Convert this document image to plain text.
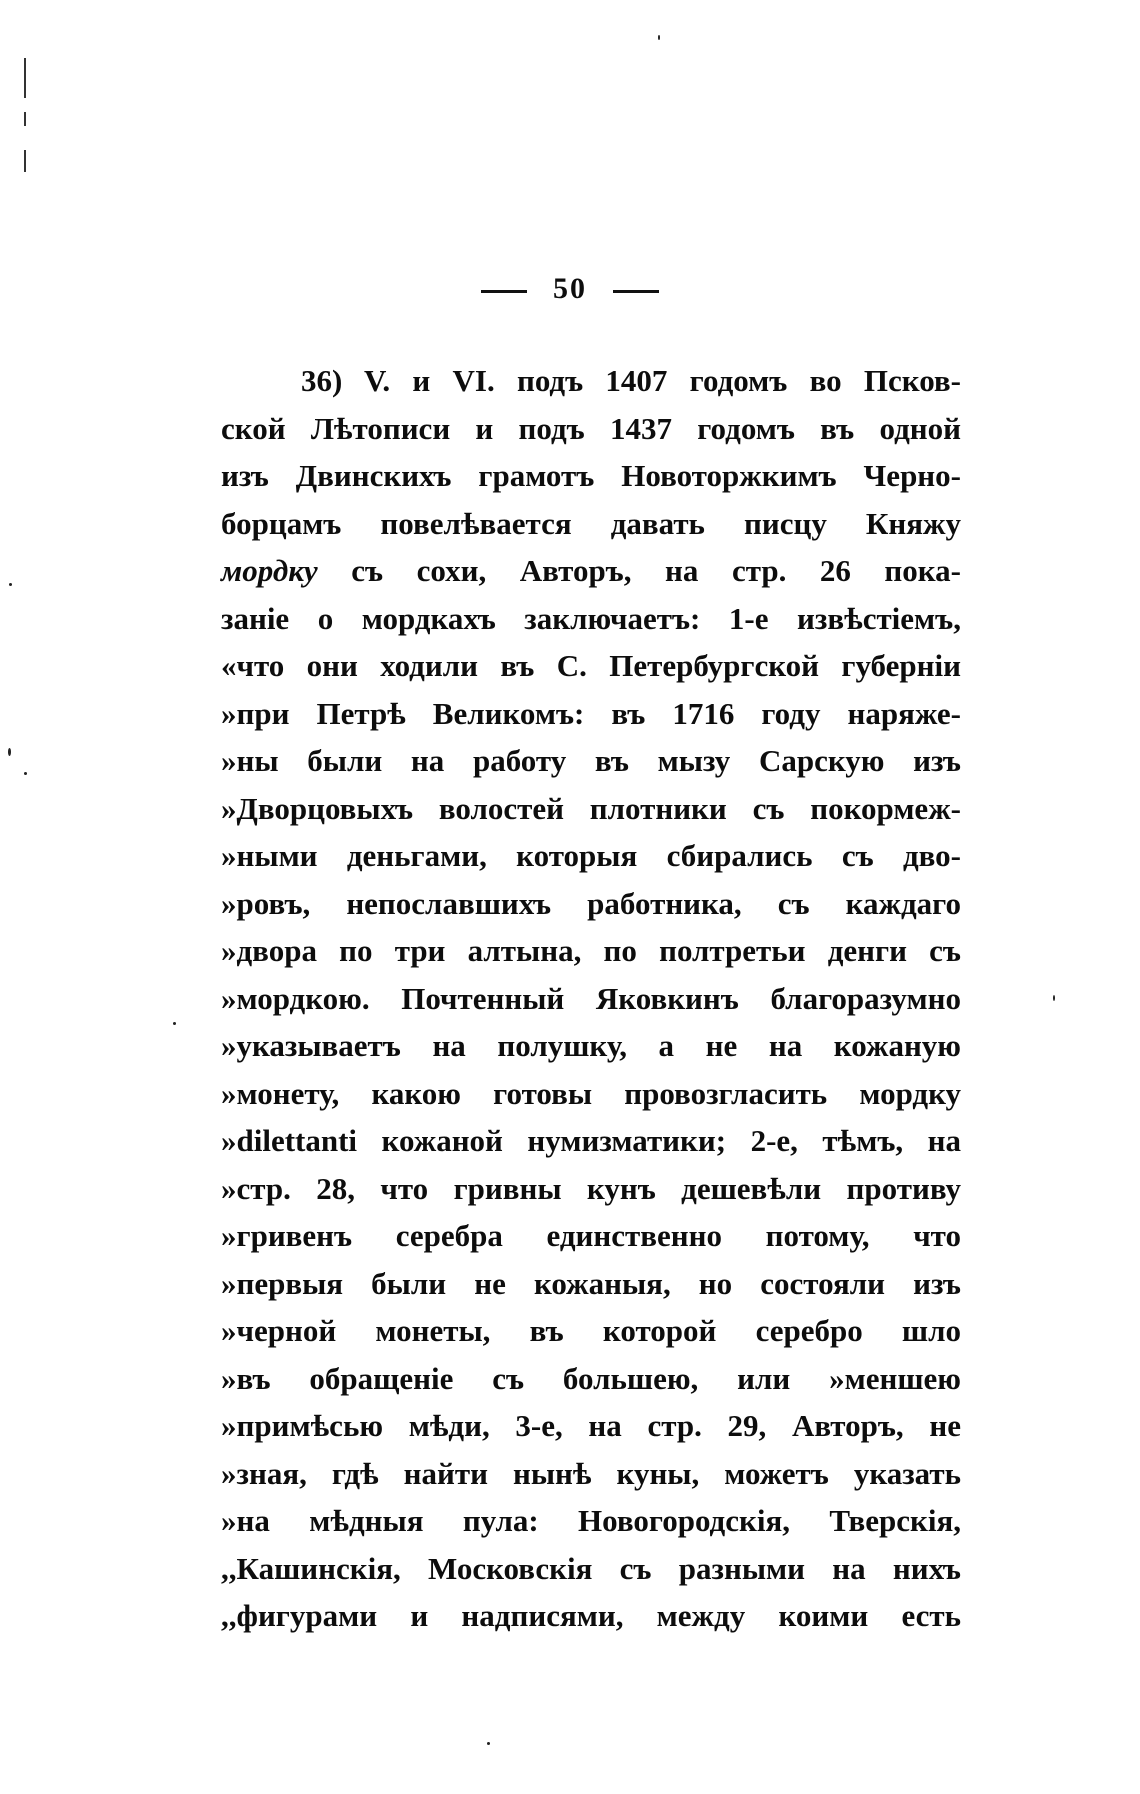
50
36) V. и VI. подъ 1407 годомъ во Псков-
ской Лѣтописи и подъ 1437 годомъ въ одной
изъ Двинскихъ грамотъ Новоторжкимъ Черно-
борцамъ повелѣвается давать писцу Княжу
мордку съ сохи, Авторъ, на стр. 26 пока-
занiе о мордкахъ заключаетъ: 1-е извѣстiемъ,
«что они ходили въ С. Петербургской губернiи
»при Петрѣ Великомъ: въ 1716 году наряже-
»ны были на работу въ мызу Сарскую изъ
»Дворцовыхъ волостей плотники съ покормеж-
»ными деньгами, которыя сбирались съ дво-
»ровъ, непославшихъ работника, съ каждаго
»двора по три алтына, по полтретьи денги съ
»мордкою. Почтенный Яковкинъ благоразумно
»указываетъ на полушку, а не на кожаную
»монету, какою готовы провозгласить мордку
»dilettanti кожаной нумизматики; 2-е, тѣмъ, на
»стр. 28, что гривны кунъ дешевѣли противу
»гривенъ серебра единственно потому, что
»первыя были не кожаныя, но состояли изъ
»черной монеты, въ которой серебро шло
»въ обращенiе съ большею, или »меншею
»примѣсью мѣди, 3-е, на стр. 29, Авторъ, не
»зная, гдѣ найти нынѣ куны, можетъ указать
»на мѣдныя пула: Новогородскiя, Тверскiя,
,,Кашинскiя, Московскiя съ разными на нихъ
,,фигурами и надписями, между коими есть
